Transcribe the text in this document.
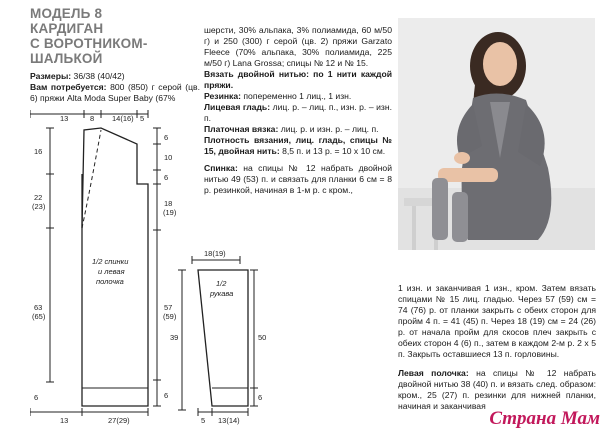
МОДЕЛЬ 8
КАРДИГАН
С ВОРОТНИКОМ-ШАЛЬКОЙ

Размеры: 36/38 (40/42)

Вам потребуется: 800 (850) г серой (цв. 6) пряжи Alta Moda Super Baby (67%

шерсти, 30% альпака, 3% полиамида, 60 м/50 г) и 250 (300) г серой (цв. 2) пряжи Garzato Fleece (70% альпака, 30% полиамида, 225 м/50 г) Lana Grossa; спицы № 12 и № 15.

Вязать двойной нитью: по 1 нити каждой пряжи.

Резинка: попеременно 1 лиц., 1 изн.

Лицевая гладь: лиц. р. – лиц. п., изн. р. – изн. п.

Платочная вязка: лиц. р. и изн. р. – лиц. п.

Плотность вязания, лиц. гладь, спицы № 15, двойная нить: 8,5 п. и 13 р. = 10 х 10 см.

Спинка: на спицы № 12 набрать двойной нитью 49 (53) п. и связать для планки 6 см = 8 р. резинкой, начиная в 1-м р. с кром.,

1 изн. и заканчивая 1 изн., кром. Затем вязать спицами № 15 лиц. гладью. Через 57 (59) см = 74 (76) р. от планки закрыть с обеих сторон для пройм 4 п. = 41 (45) п. Через 18 (19) см = 24 (26) р. от начала пройм для скосов плеч закрыть с обеих сторон 4 (6) п., затем в каждом 2-м р. 2 х 5 п. Закрыть оставшиеся 13 п. горловины.

Левая полочка: на спицы № 12 набрать двойной нитью 38 (40) п. и вязать след. образом: кром., 25 (27) п. резинки для нижней планки, начиная и заканчивая

13	8 14(16) 5
16
22
(23)
63
(65)
6
6
10
6
18
(19)
57
(59)
6
13	27(29)
1/2 спинки
и левая
полочка
18(19)
1/2
рукава
39	50
6
5 13(14)	Страна Мам
